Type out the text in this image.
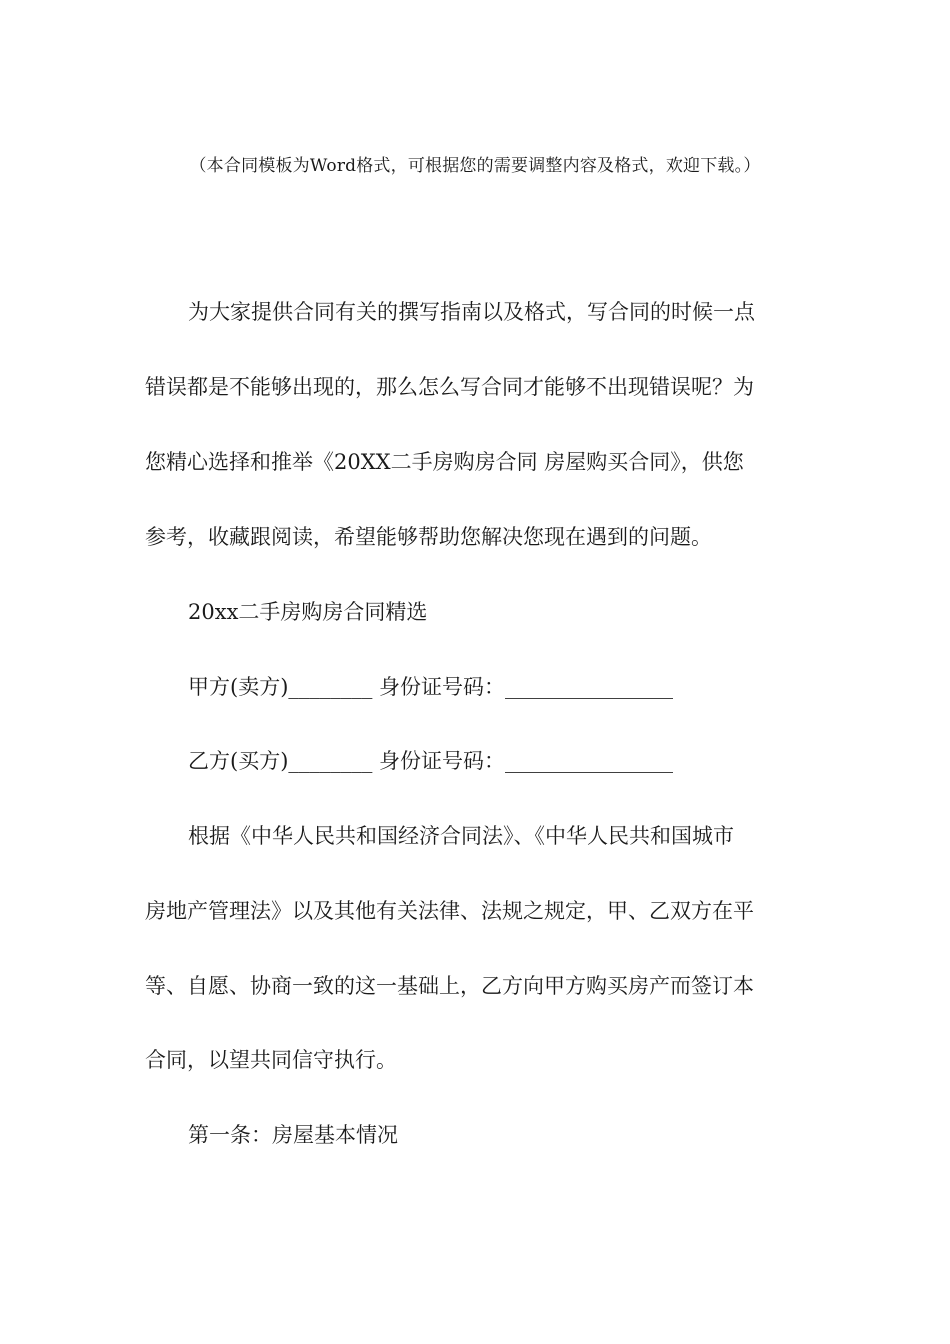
（本合同模板为Word格式，可根据您的需要调整内容及格式，欢迎下载。）
为大家提供合同有关的撰写指南以及格式，写合同的时候一点
错误都是不能够出现的，那么怎么写合同才能够不出现错误呢？为
您精心选择和推举《20XX二手房购房合同 房屋购买合同》，供您
参考，收藏跟阅读，希望能够帮助您解决您现在遇到的问题。
20xx二手房购房合同精选
甲方(卖方)________ 身份证号码：________________
乙方(买方)________ 身份证号码：________________
根据《中华人民共和国经济合同法》、《中华人民共和国城市
房地产管理法》以及其他有关法律、法规之规定，甲、乙双方在平
等、自愿、协商一致的这一基础上，乙方向甲方购买房产而签订本
合同，以望共同信守执行。
第一条：房屋基本情况
